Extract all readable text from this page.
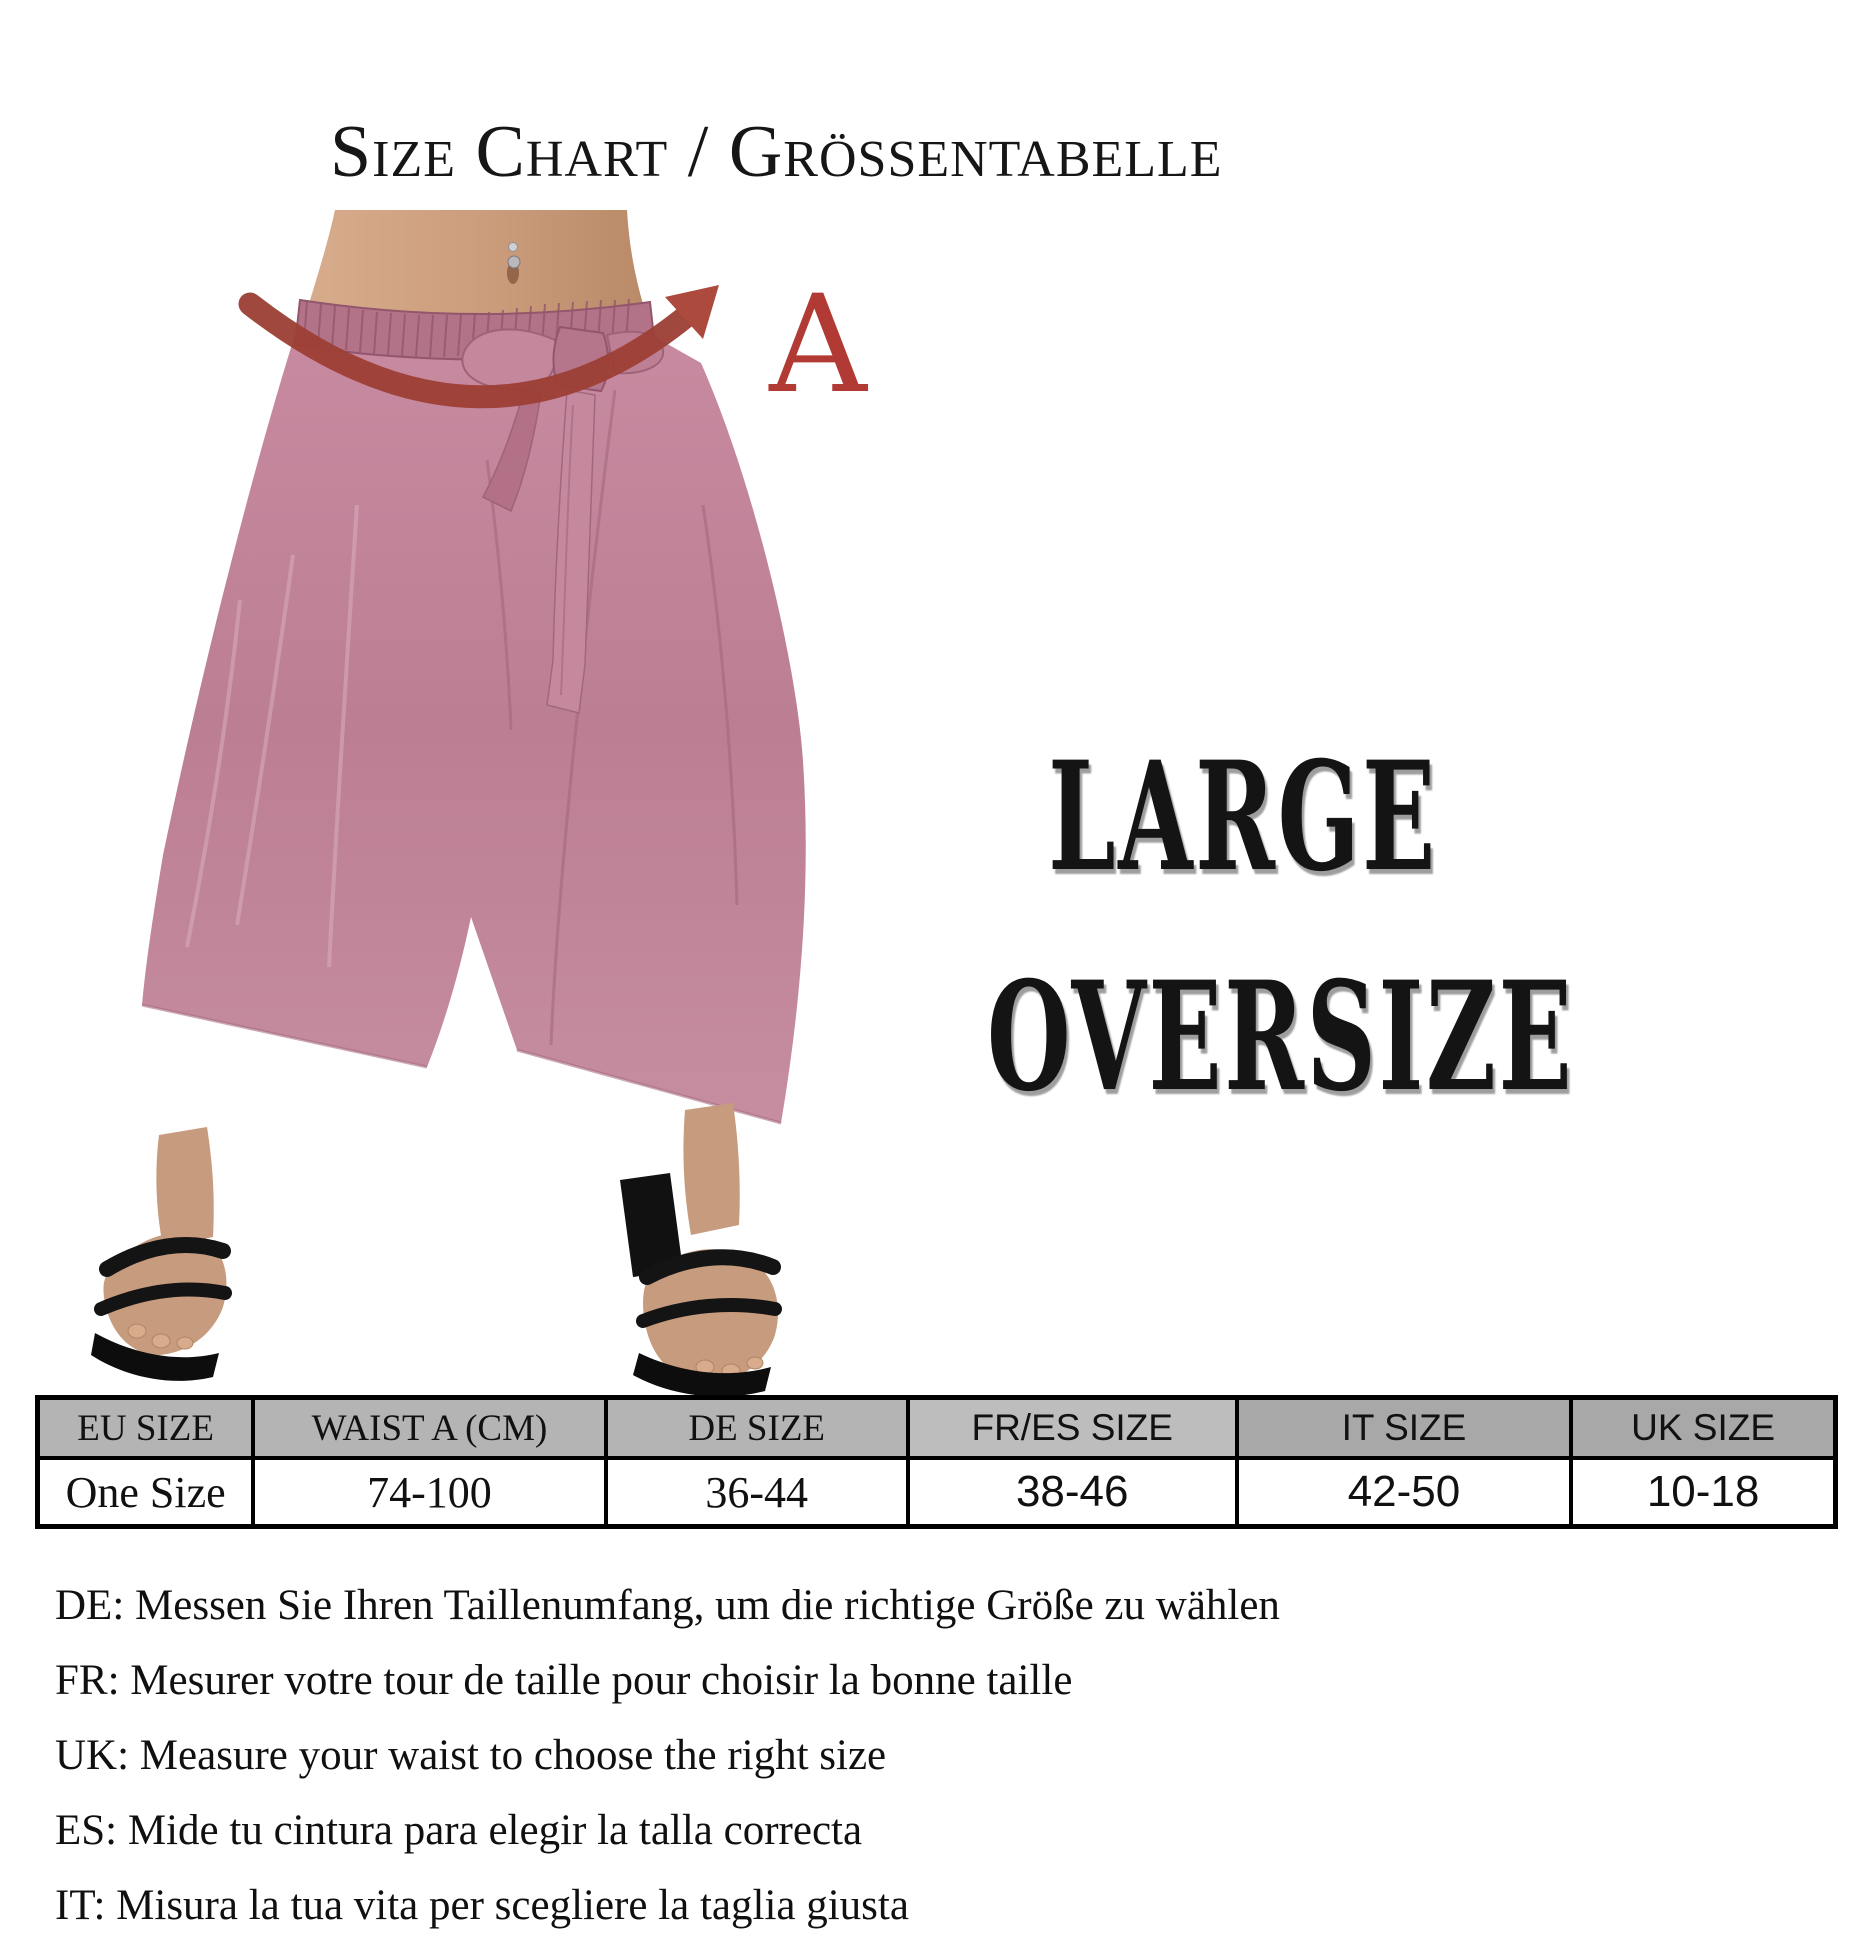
Size Chart / Grössentabelle
A
LARGE
OVERSIZE
EU SIZE	WAIST A (CM)	DE SIZE	FR/ES SIZE	IT SIZE	UK SIZE
One Size	74-100	36-44	38-46	42-50	10-18
DE: Messen Sie Ihren Taillenumfang, um die richtige Größe zu wählen
FR: Mesurer votre tour de taille pour choisir la bonne taille
UK: Measure your waist to choose the right size
ES: Mide tu cintura para elegir la talla correcta
IT: Misura la tua vita per scegliere la taglia giusta
